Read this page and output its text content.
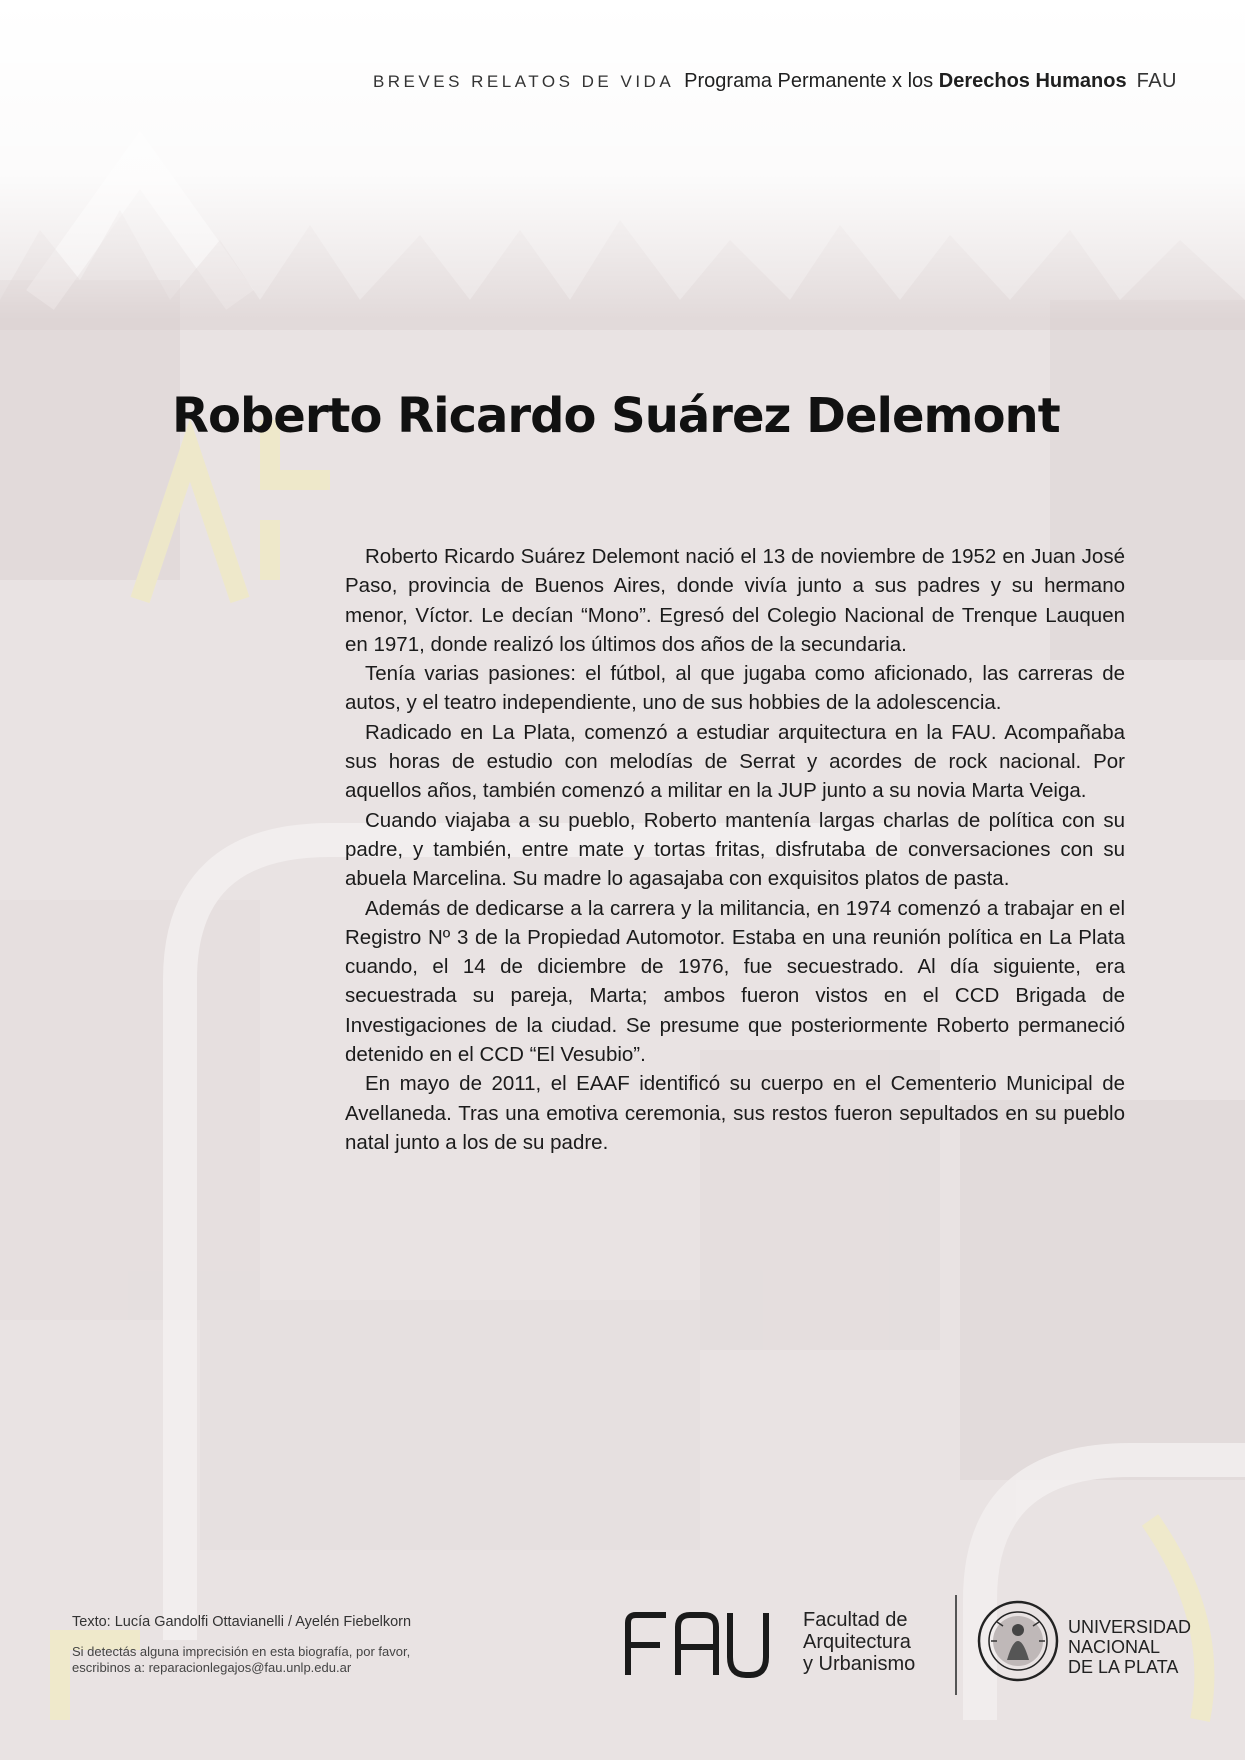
BREVES RELATOS DE VIDA Programa Permanente x los Derechos Humanos FAU
Roberto Ricardo Suárez Delemont

Roberto Ricardo Suárez Delemont nació el 13 de noviembre de 1952 en Juan José Paso, provincia de Buenos Aires, donde vivía junto a sus padres y su hermano menor, Víctor. Le decían “Mono”. Egresó del Colegio Nacional de Trenque Lauquen en 1971, donde realizó los últimos dos años de la secundaria.

Tenía varias pasiones: el fútbol, al que jugaba como aficionado, las carreras de autos, y el teatro independiente, uno de sus hobbies de la adolescencia.

Radicado en La Plata, comenzó a estudiar arquitectura en la FAU. Acompañaba sus horas de estudio con melodías de Serrat y acordes de rock nacional. Por aquellos años, también comenzó a militar en la JUP junto a su novia Marta Veiga.

Cuando viajaba a su pueblo, Roberto mantenía largas charlas de política con su padre, y también, entre mate y tortas fritas, disfrutaba de conversaciones con su abuela Marcelina. Su madre lo agasajaba con exquisitos platos de pasta.

Además de dedicarse a la carrera y la militancia, en 1974 comenzó a trabajar en el Registro Nº 3 de la Propiedad Automotor. Estaba en una reunión política en La Plata cuando, el 14 de diciembre de 1976, fue secuestrado. Al día siguiente, era secuestrada su pareja, Marta; ambos fueron vistos en el CCD Brigada de Investigaciones de la ciudad. Se presume que posteriormente Roberto permaneció detenido en el CCD “El Vesubio”.

En mayo de 2011, el EAAF identificó su cuerpo en el Cementerio Municipal de Avellaneda. Tras una emotiva ceremonia, sus restos fueron sepultados en su pueblo natal junto a los de su padre.

Texto: Lucía Gandolfi Ottavianelli / Ayelén Fiebelkorn
Si detectás alguna imprecisión en esta biografía, por favor,
escribinos a: reparacionlegajos@fau.unlp.edu.ar
Facultad de
Arquitectura
y Urbanismo
UNIVERSIDAD
NACIONAL
DE LA PLATA
